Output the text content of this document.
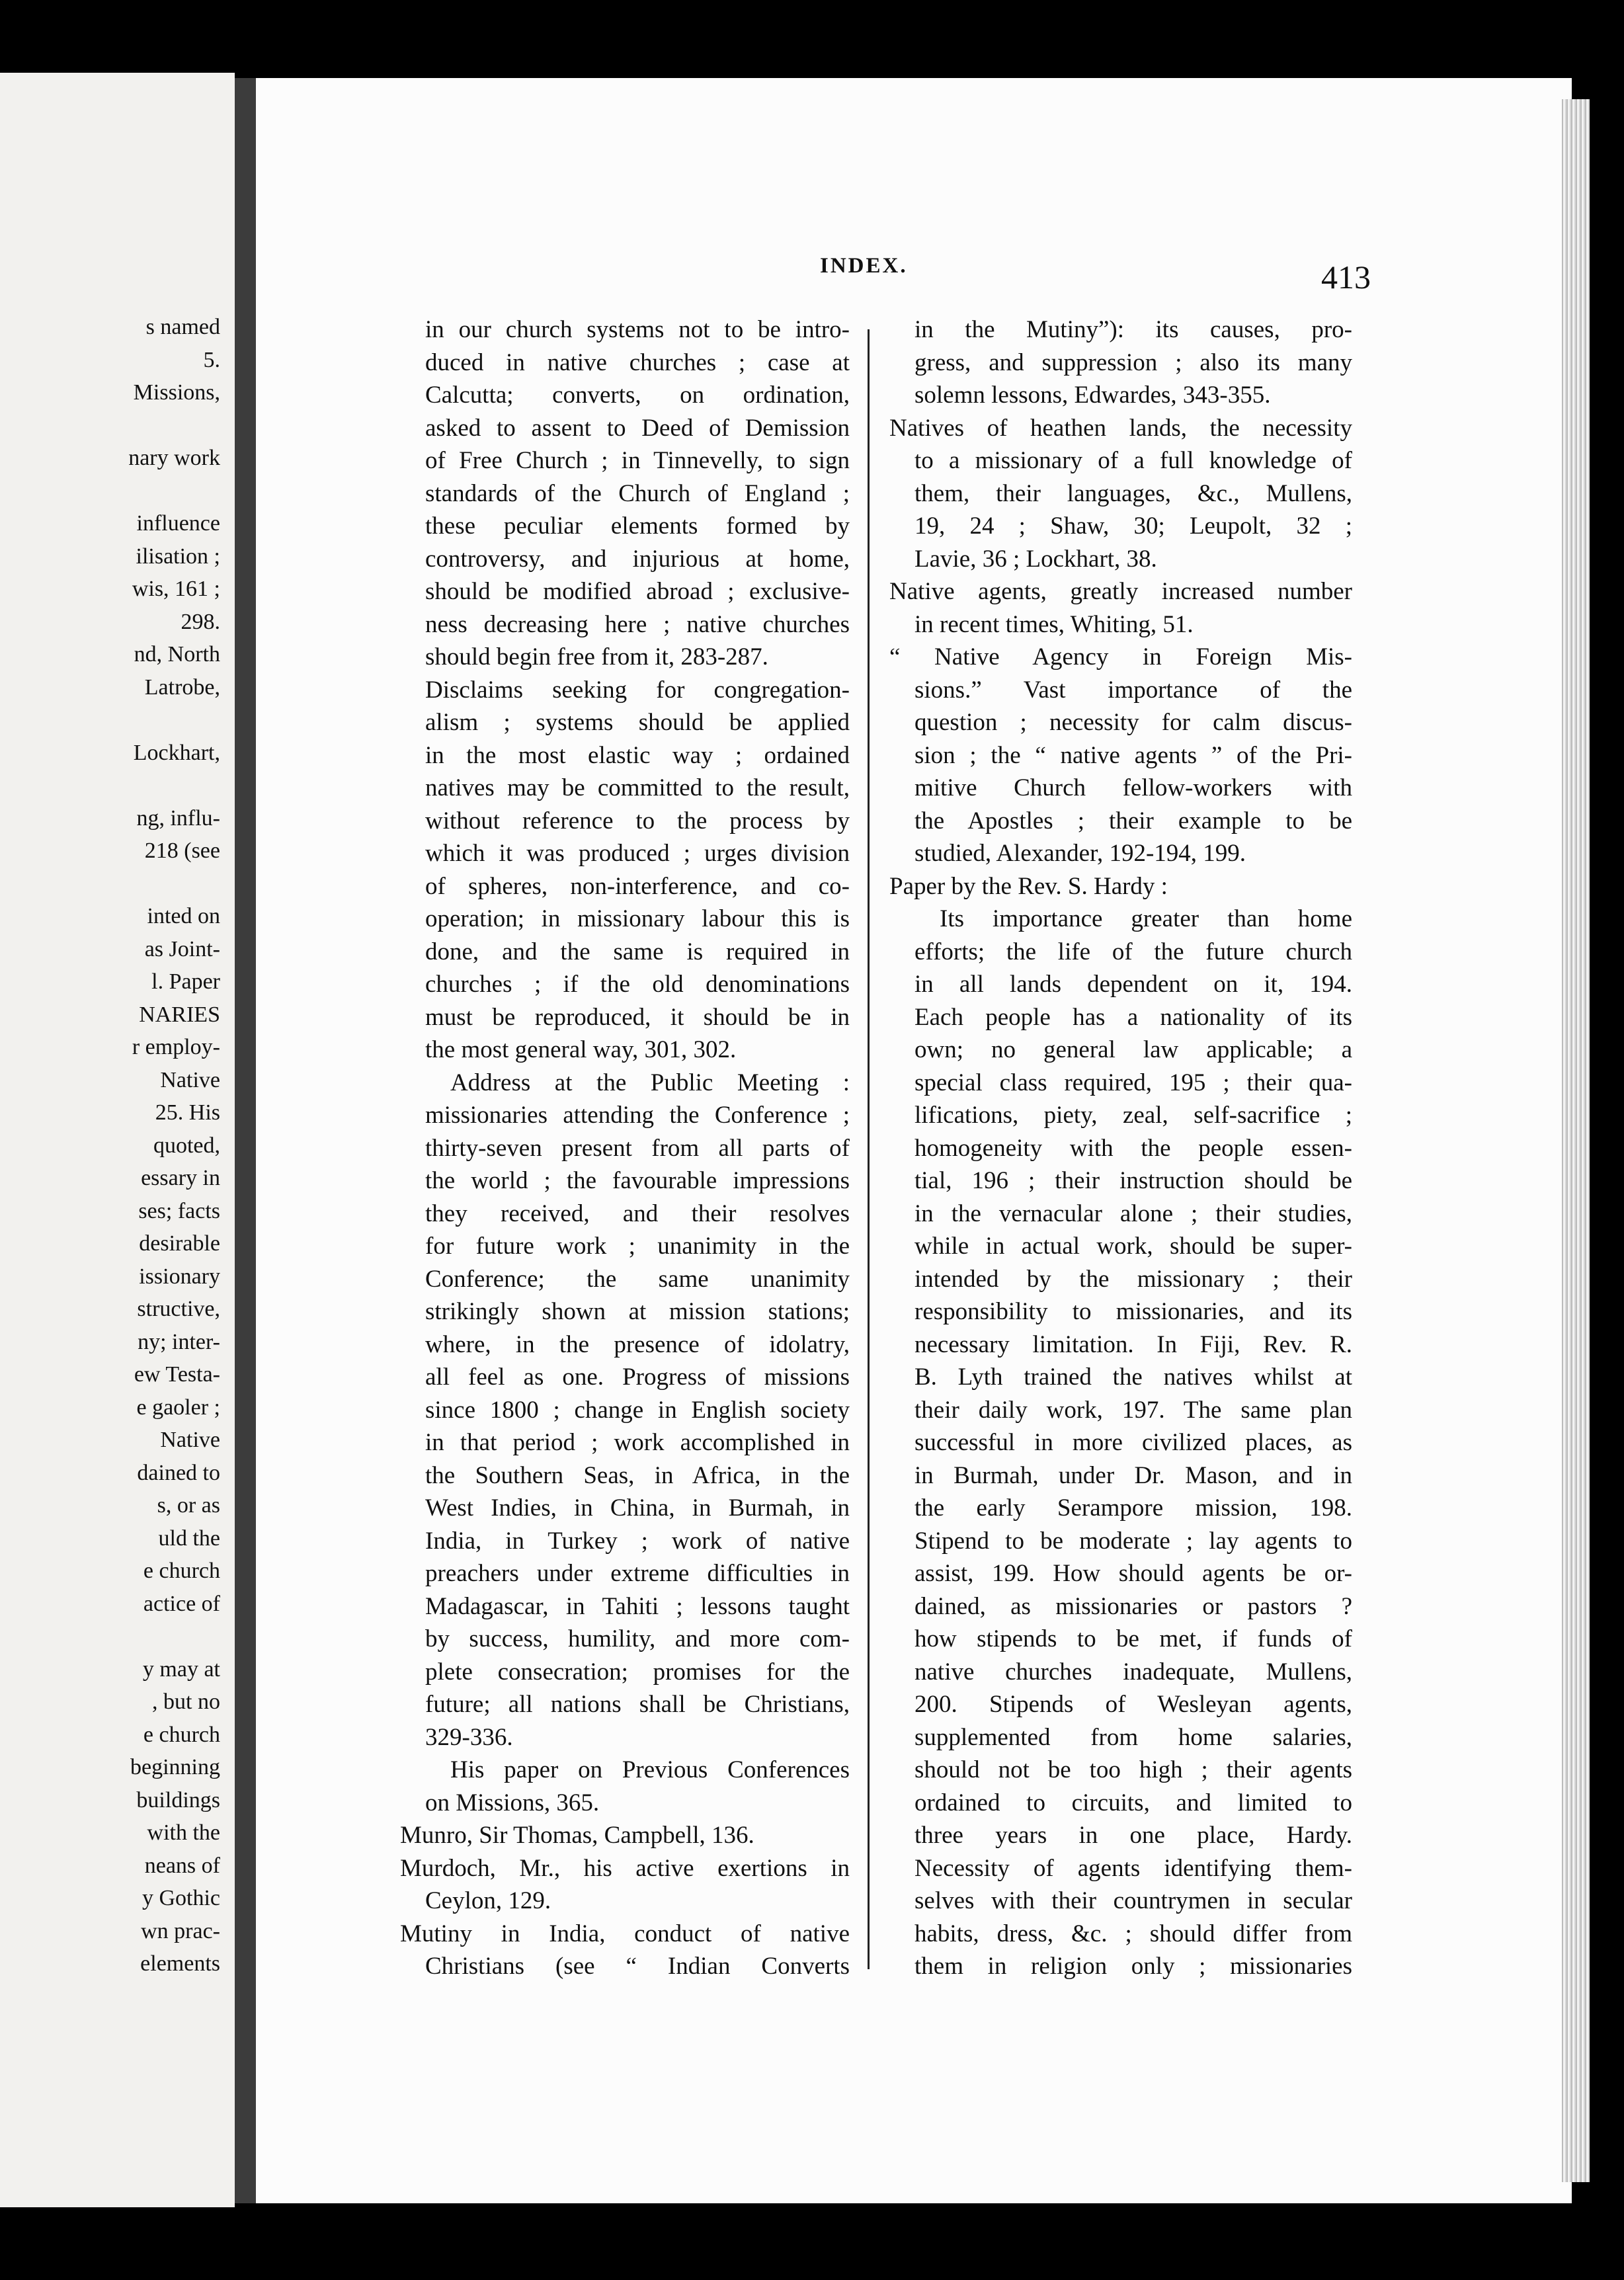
s named
5.
Missions,
nary work
influence
ilisation ;
wis, 161 ;
298.
nd, North
Latrobe,
Lockhart,
ng, influ-
218 (see
inted on
as Joint-
l. Paper
NARIES
r employ-
Native
25. His
quoted,
essary in
ses; facts
desirable
issionary
structive,
ny; inter-
ew Testa-
e gaoler ;
Native
dained to
s, or as
uld the
e church
actice of
y may at
, but no
e church
beginning
buildings
with the
neans of
y Gothic
wn prac-
elements
INDEX.	413
in our church systems not to be intro-
duced in native churches ; case at
Calcutta; converts, on ordination,
asked to assent to Deed of Demission
of Free Church ; in Tinnevelly, to sign
standards of the Church of England ;
these peculiar elements formed by
controversy, and injurious at home,
should be modified abroad ; exclusive-
ness decreasing here ; native churches
should begin free from it, 283-287.
Disclaims seeking for congregation-
alism ; systems should be applied
in the most elastic way ; ordained
natives may be committed to the result,
without reference to the process by
which it was produced ; urges division
of spheres, non-interference, and co-
operation; in missionary labour this is
done, and the same is required in
churches ; if the old denominations
must be reproduced, it should be in
the most general way, 301, 302.
Address at the Public Meeting :
missionaries attending the Conference ;
thirty-seven present from all parts of
the world ; the favourable impressions
they received, and their resolves
for future work ; unanimity in the
Conference; the same unanimity
strikingly shown at mission stations;
where, in the presence of idolatry,
all feel as one. Progress of missions
since 1800 ; change in English society
in that period ; work accomplished in
the Southern Seas, in Africa, in the
West Indies, in China, in Burmah, in
India, in Turkey ; work of native
preachers under extreme difficulties in
Madagascar, in Tahiti ; lessons taught
by success, humility, and more com-
plete consecration; promises for the
future; all nations shall be Christians,
329-336.
His paper on Previous Conferences
on Missions, 365.
Munro, Sir Thomas, Campbell, 136.
Murdoch, Mr., his active exertions in
Ceylon, 129.
Mutiny in India, conduct of native
Christians (see “ Indian Converts
in the Mutiny”): its causes, pro-
gress, and suppression ; also its many
solemn lessons, Edwardes, 343-355.
Natives of heathen lands, the necessity
to a missionary of a full knowledge of
them, their languages, &c., Mullens,
19, 24 ; Shaw, 30; Leupolt, 32 ;
Lavie, 36 ; Lockhart, 38.
Native agents, greatly increased number
in recent times, Whiting, 51.
“ Native Agency in Foreign Mis-
sions.” Vast importance of the
question ; necessity for calm discus-
sion ; the “ native agents ” of the Pri-
mitive Church fellow-workers with
the Apostles ; their example to be
studied, Alexander, 192-194, 199.
Paper by the Rev. S. Hardy :
Its importance greater than home
efforts; the life of the future church
in all lands dependent on it, 194.
Each people has a nationality of its
own; no general law applicable; a
special class required, 195 ; their qua-
lifications, piety, zeal, self-sacrifice ;
homogeneity with the people essen-
tial, 196 ; their instruction should be
in the vernacular alone ; their studies,
while in actual work, should be super-
intended by the missionary ; their
responsibility to missionaries, and its
necessary limitation. In Fiji, Rev. R.
B. Lyth trained the natives whilst at
their daily work, 197. The same plan
successful in more civilized places, as
in Burmah, under Dr. Mason, and in
the early Serampore mission, 198.
Stipend to be moderate ; lay agents to
assist, 199. How should agents be or-
dained, as missionaries or pastors ?
how stipends to be met, if funds of
native churches inadequate, Mullens,
200. Stipends of Wesleyan agents,
supplemented from home salaries,
should not be too high ; their agents
ordained to circuits, and limited to
three years in one place, Hardy.
Necessity of agents identifying them-
selves with their countrymen in secular
habits, dress, &c. ; should differ from
them in religion only ; missionaries
